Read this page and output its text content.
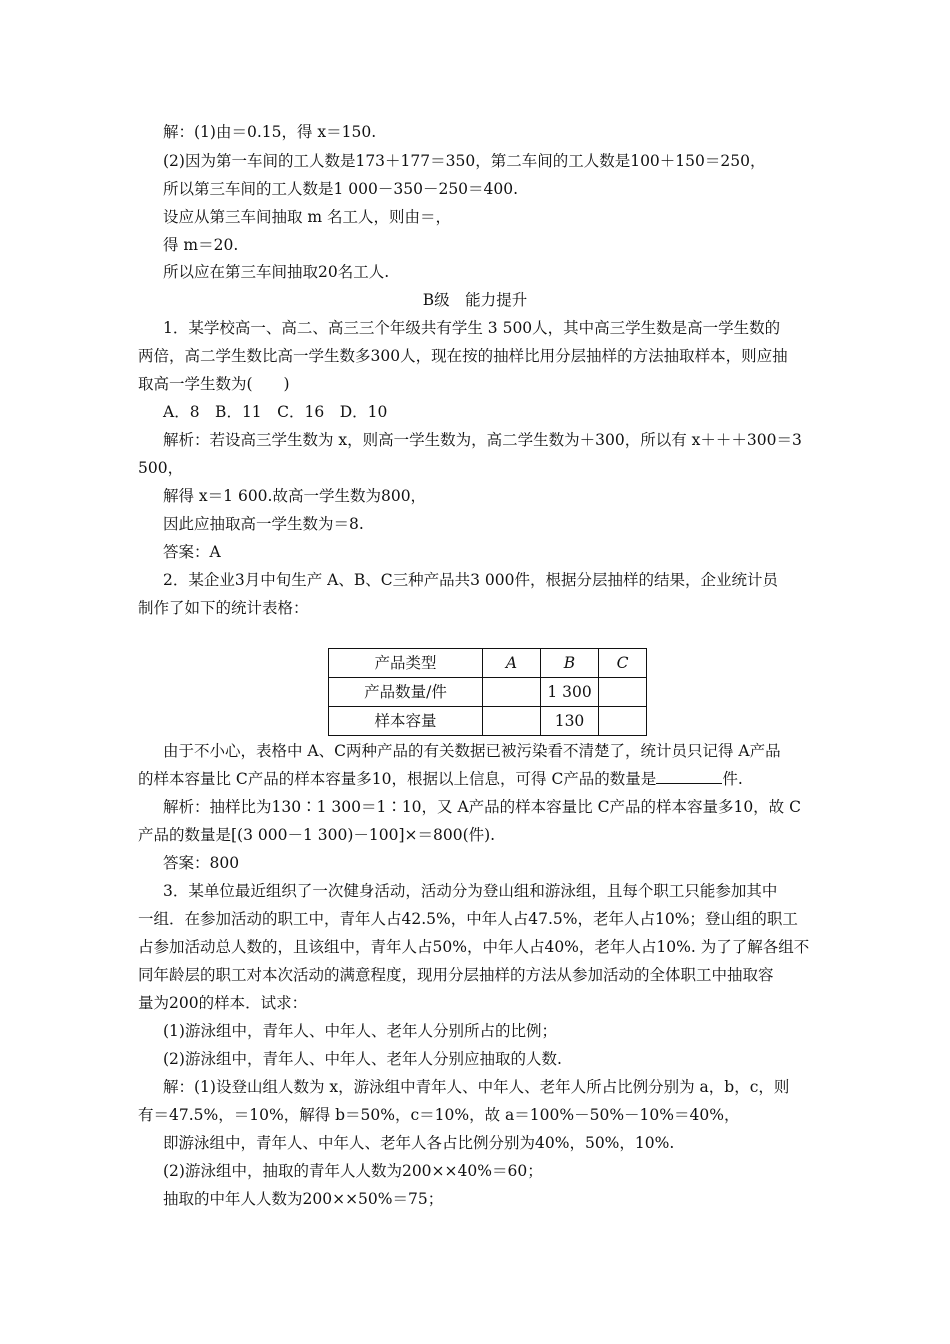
解：(1)由＝0.15，得 x＝150.
(2)因为第一车间的工人数是173＋177＝350，第二车间的工人数是100＋150＝250，
所以第三车间的工人数是1 000－350－250＝400.
设应从第三车间抽取 m 名工人，则由＝，
得 m＝20.
所以应在第三车间抽取20名工人.
B级　能力提升
1．某学校高一、高二、高三三个年级共有学生 3 500人，其中高三学生数是高一学生数的
两倍，高二学生数比高一学生数多300人，现在按的抽样比用分层抽样的方法抽取样本，则应抽
取高一学生数为(　　)
A．8　B．11　C．16　D．10
解析：若设高三学生数为 x，则高一学生数为，高二学生数为＋300，所以有 x＋＋＋300＝3
500，
解得 x＝1 600.故高一学生数为800，
因此应抽取高一学生数为＝8.
答案：A
2．某企业3月中旬生产 A、B、C三种产品共3 000件，根据分层抽样的结果，企业统计员
制作了如下的统计表格：
产品类型	A	B	C
产品数量/件		1 300	
样本容量		130	
由于不小心，表格中 A、C两种产品的有关数据已被污染看不清楚了，统计员只记得 A产品
的样本容量比 C产品的样本容量多10，根据以上信息，可得 C产品的数量是	件.
解析：抽样比为130∶1 300＝1∶10，又 A产品的样本容量比 C产品的样本容量多10，故 C
产品的数量是[(3 000－1 300)－100]×＝800(件).
答案：800
3．某单位最近组织了一次健身活动，活动分为登山组和游泳组，且每个职工只能参加其中
一组．在参加活动的职工中，青年人占42.5%，中年人占47.5%，老年人占10%；登山组的职工
占参加活动总人数的，且该组中，青年人占50%，中年人占40%，老年人占10%. 为了了解各组不
同年龄层的职工对本次活动的满意程度，现用分层抽样的方法从参加活动的全体职工中抽取容
量为200的样本．试求：
(1)游泳组中，青年人、中年人、老年人分别所占的比例；
(2)游泳组中，青年人、中年人、老年人分别应抽取的人数.
解：(1)设登山组人数为 x，游泳组中青年人、中年人、老年人所占比例分别为 a，b，c，则
有＝47.5%，＝10%，解得 b＝50%，c＝10%，故 a＝100%－50%－10%＝40%，
即游泳组中，青年人、中年人、老年人各占比例分别为40%，50%，10%.
(2)游泳组中，抽取的青年人人数为200××40%＝60；
抽取的中年人人数为200××50%＝75；
